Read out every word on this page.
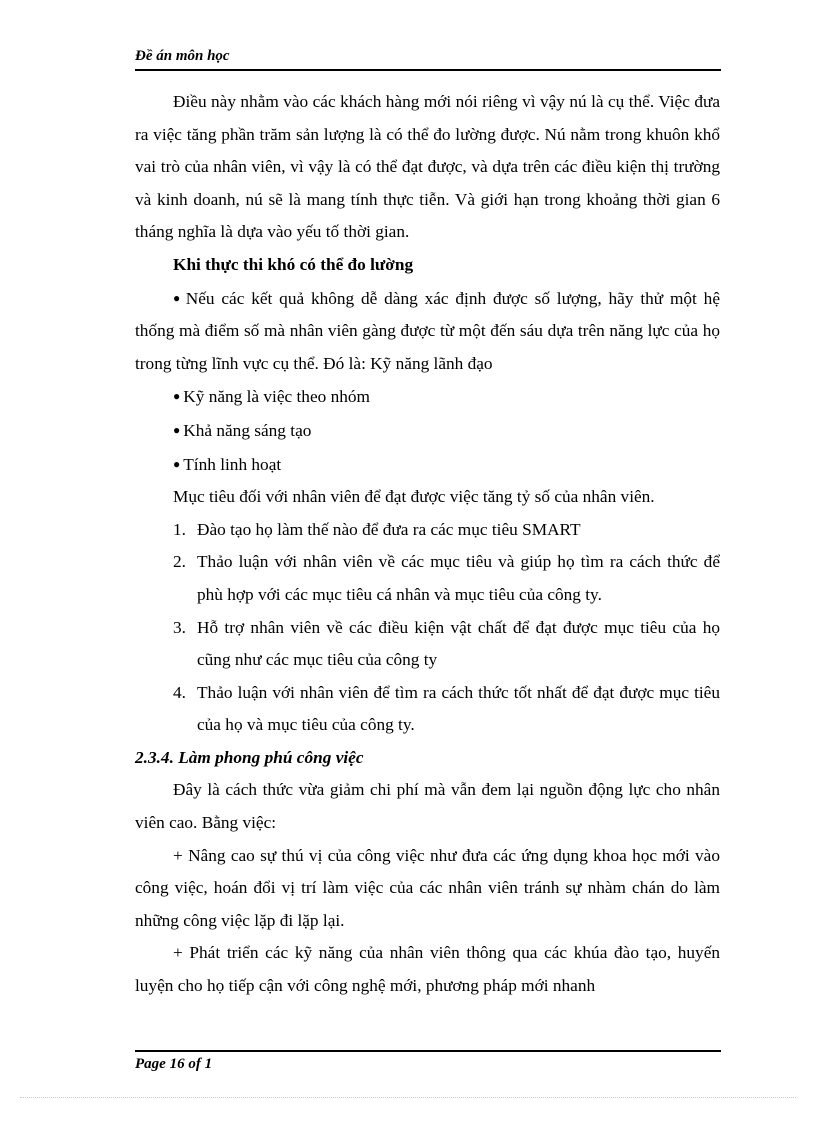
Đề án môn học

Điều này nhằm vào các khách hàng mới nói riêng vì vậy nú là cụ thể. Việc đưa ra việc tăng phần trăm sản lượng là có thể đo lường được. Nú nằm trong khuôn khổ vai trò của nhân viên, vì vậy là có thể đạt được, và dựa trên các điều kiện thị trường và kinh doanh, nú sẽ là mang tính thực tiễn. Và giới hạn trong khoảng thời gian 6 tháng nghĩa là dựa vào yếu tố thời gian.

Khi thực thi khó có thể đo lường

● Nếu các kết quả không dễ dàng xác định được số lượng, hãy thử một hệ thống mà điểm số mà nhân viên gàng được từ một đến sáu dựa trên năng lực của họ trong từng lĩnh vực cụ thể. Đó là: Kỹ năng lãnh đạo

● Kỹ năng là việc theo nhóm

● Khả năng sáng tạo

● Tính linh hoạt

Mục tiêu đối với nhân viên để đạt được việc tăng tỷ số của nhân viên.

1. Đào tạo họ làm thế nào để đưa ra các mục tiêu SMART

2. Thảo luận với nhân viên về các mục tiêu và giúp họ tìm ra cách thức để phù hợp với các mục tiêu cá nhân và mục tiêu của công ty.

3. Hỗ trợ nhân viên về các điều kiện vật chất để đạt được mục tiêu của họ cũng như các mục tiêu của công ty

4. Thảo luận với nhân viên để tìm ra cách thức tốt nhất để đạt được mục tiêu của họ và mục tiêu của công ty.

2.3.4. Làm phong phú công việc

Đây là cách thức vừa giảm chi phí mà vẫn đem lại nguồn động lực cho nhân viên cao. Bằng việc:

+ Nâng cao sự thú vị của công việc như đưa các ứng dụng khoa học mới vào công việc, hoán đổi vị trí làm việc của các nhân viên tránh sự nhàm chán do làm những công việc lặp đi lặp lại.

+ Phát triển các kỹ năng của nhân viên thông qua các khúa đào tạo, huyến luyện cho họ tiếp cận với công nghệ mới, phương pháp mới nhanh

Page 16 of 1
